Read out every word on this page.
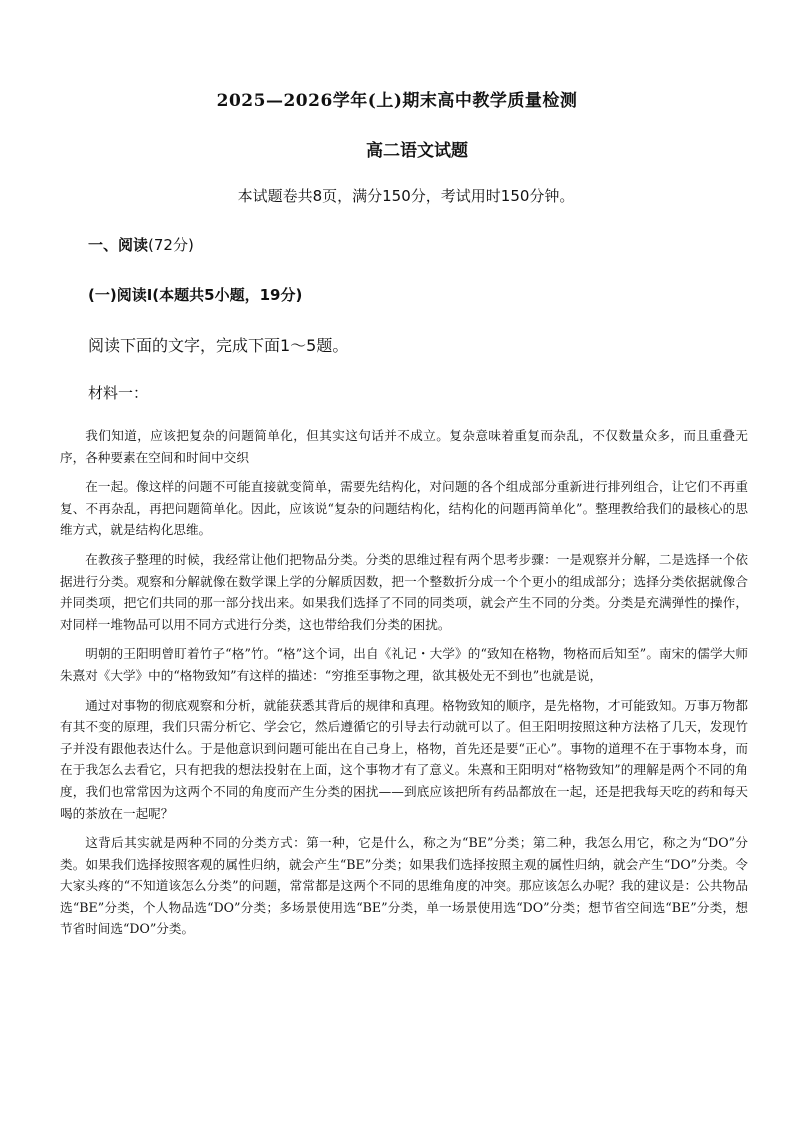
2025—2026学年(上)期末高中教学质量检测
高二语文试题
本试题卷共8页，满分150分，考试用时150分钟。
一、阅读(72分)
(一)阅读Ⅰ(本题共5小题，19分)
阅读下面的文字，完成下面1～5题。
材料一：

我们知道，应该把复杂的问题简单化，但其实这句话并不成立。复杂意味着重复而杂乱，不仅数量众多，而且重叠无序，各种要素在空间和时间中交织

在一起。像这样的问题不可能直接就变简单，需要先结构化，对问题的各个组成部分重新进行排列组合，让它们不再重复、不再杂乱，再把问题简单化。因此，应该说“复杂的问题结构化，结构化的问题再简单化”。整理教给我们的最核心的思维方式，就是结构化思维。

在教孩子整理的时候，我经常让他们把物品分类。分类的思维过程有两个思考步骤：一是观察并分解，二是选择一个依据进行分类。观察和分解就像在数学课上学的分解质因数，把一个整数折分成一个个更小的组成部分；选择分类依据就像合并同类项，把它们共同的那一部分找出来。如果我们选择了不同的同类项，就会产生不同的分类。分类是充满弹性的操作，对同样一堆物品可以用不同方式进行分类，这也带给我们分类的困扰。

明朝的王阳明曾盯着竹子“格”竹。“格”这个词，出自《礼记・大学》的“致知在格物，物格而后知至”。南宋的儒学大师朱熹对《大学》中的“格物致知”有这样的描述：“穷推至事物之理，欲其极处无不到也”也就是说，

通过对事物的彻底观察和分析，就能获悉其背后的规律和真理。格物致知的顺序，是先格物，才可能致知。万事万物都有其不变的原理，我们只需分析它、学会它，然后遵循它的引导去行动就可以了。但王阳明按照这种方法格了几天，发现竹子并没有跟他表达什么。于是他意识到问题可能出在自己身上，格物，首先还是要“正心”。事物的道理不在于事物本身，而在于我怎么去看它，只有把我的想法投射在上面，这个事物才有了意义。朱熹和王阳明对“格物致知”的理解是两个不同的角度，我们也常常因为这两个不同的角度而产生分类的困扰——到底应该把所有药品都放在一起，还是把我每天吃的药和每天喝的茶放在一起呢？

这背后其实就是两种不同的分类方式：第一种，它是什么，称之为“BE”分类；第二种，我怎么用它，称之为“DO”分类。如果我们选择按照客观的属性归纳，就会产生“BE”分类；如果我们选择按照主观的属性归纳，就会产生“DO”分类。令大家头疼的“不知道该怎么分类”的问题，常常都是这两个不同的思维角度的冲突。那应该怎么办呢？我的建议是：公共物品选“BE”分类，个人物品选“DO”分类；多场景使用选“BE”分类，单一场景使用选“DO”分类；想节省空间选“BE”分类，想节省时间选“DO”分类。
